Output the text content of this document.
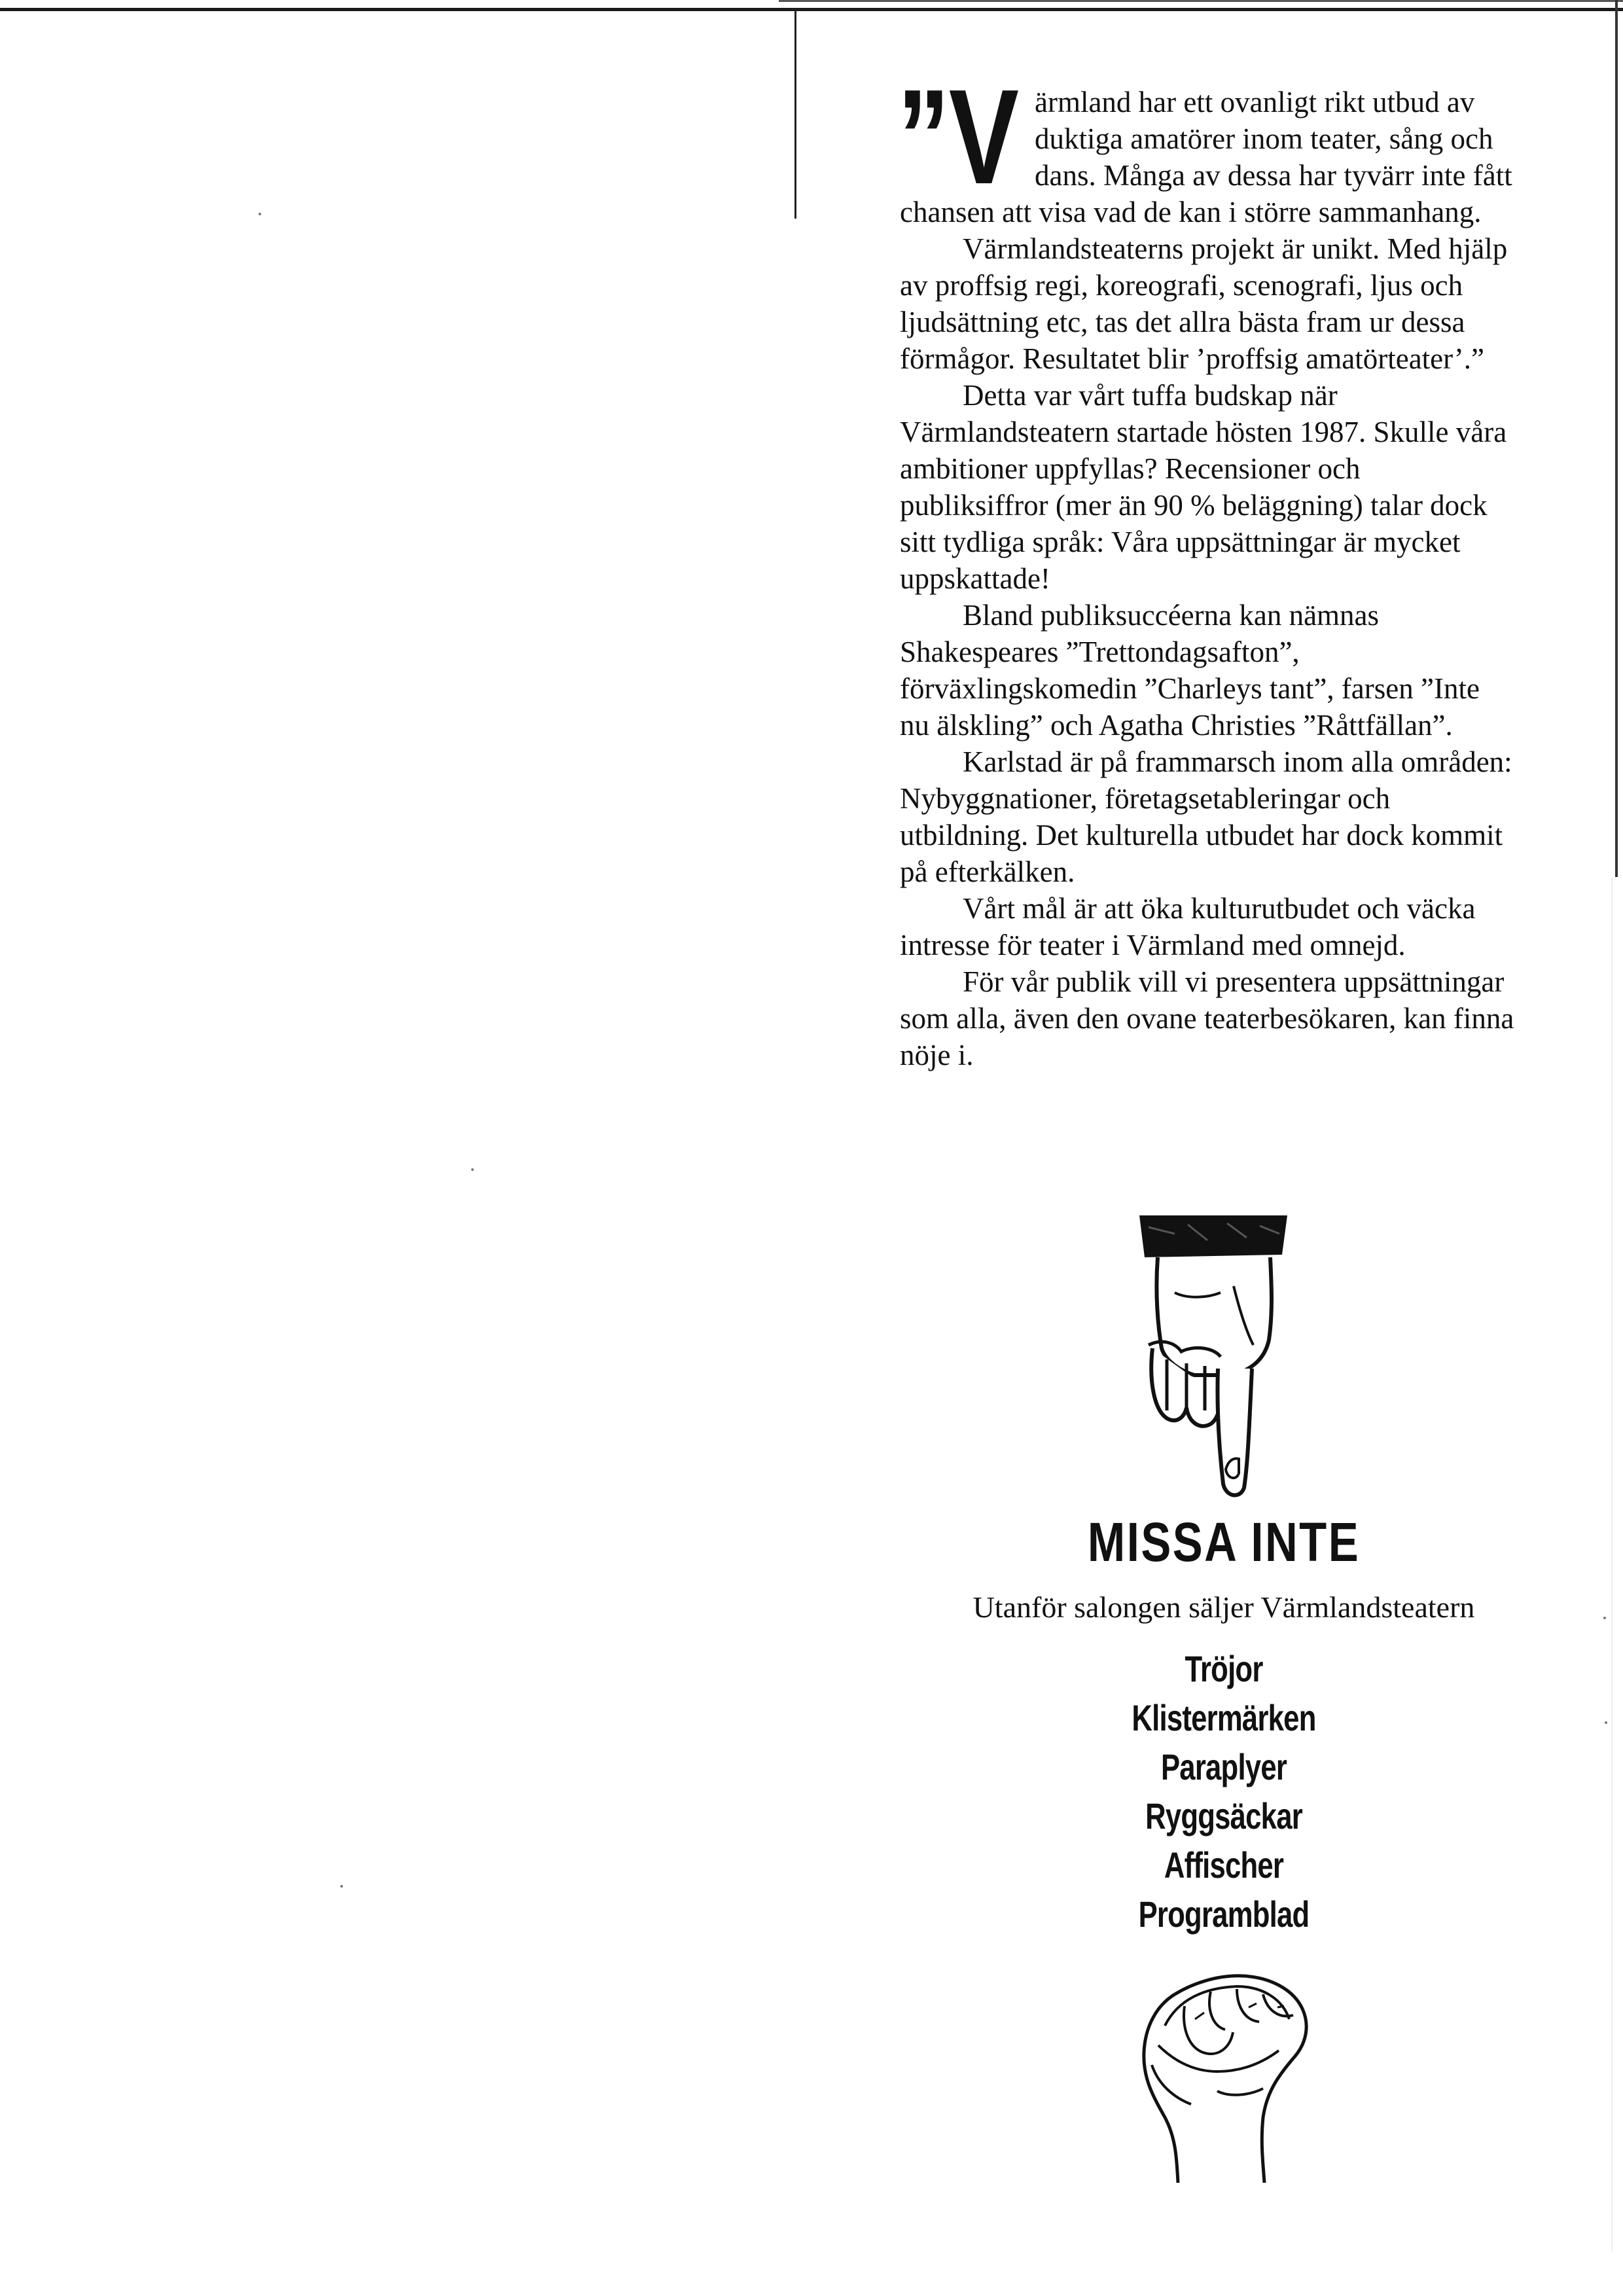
”V ärmland har ett ovanligt rikt utbud av duktiga amatörer inom teater, sång och dans. Många av dessa har tyvärr inte fått chansen att visa vad de kan i större sammanhang.

Värmlandsteaterns projekt är unikt. Med hjälp av proffsig regi, koreografi, scenografi, ljus och ljudsättning etc, tas det allra bästa fram ur dessa förmågor. Resultatet blir ’proffsig amatörteater’.”

Detta var vårt tuffa budskap när Värmlandsteatern startade hösten 1987. Skulle våra ambitioner uppfyllas? Recensioner och publiksiffror (mer än 90 % beläggning) talar dock sitt tydliga språk: Våra uppsättningar är mycket uppskattade!

Bland publiksuccéerna kan nämnas Shakespeares ”Trettondagsafton”, förväxlingskomedin ”Charleys tant”, farsen ”Inte nu älskling” och Agatha Christies ”Råttfällan”.

Karlstad är på frammarsch inom alla områden: Nybyggnationer, företagsetableringar och utbildning. Det kulturella utbudet har dock kommit på efterkälken.

Vårt mål är att öka kulturutbudet och väcka intresse för teater i Värmland med omnejd.

För vår publik vill vi presentera uppsättningar som alla, även den ovane teaterbesökaren, kan finna nöje i.

MISSA INTE
Utanför salongen säljer Värmlandsteatern
Tröjor
Klistermärken
Paraplyer
Ryggsäckar
Affischer
Programblad
